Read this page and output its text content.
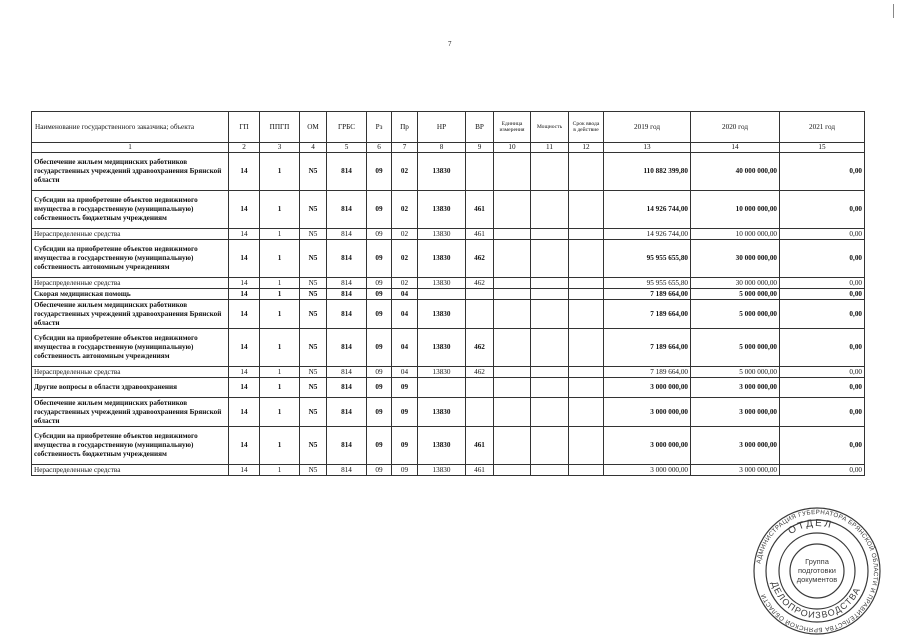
7
Наименование государственного заказчика; объекта	ГП	ППГП	ОМ	ГРБС	Рз	Пр	НР	ВР	Единица измерения	Мощность	Срок ввода в действие	2019 год	2020 год	2021 год
1	2	3	4	5	6	7	8	9	10	11	12	13	14	15
Обеспечение жильем медицинских работников государственных учреждений здравоохранения Брянской области	14	1	N5	814	09	02	13830					110 882 399,80	40 000 000,00	0,00
Субсидии на приобретение объектов недвижимого имущества в государственную (муниципальную) собственность бюджетным учреждениям	14	1	N5	814	09	02	13830	461				14 926 744,00	10 000 000,00	0,00
Нераспределенные средства	14	1	N5	814	09	02	13830	461				14 926 744,00	10 000 000,00	0,00
Субсидии на приобретение объектов недвижимого имущества в государственную (муниципальную) собственность автономным учреждениям	14	1	N5	814	09	02	13830	462				95 955 655,80	30 000 000,00	0,00
Нераспределенные средства	14	1	N5	814	09	02	13830	462				95 955 655,80	30 000 000,00	0,00
Скорая медицинская помощь	14	1	N5	814	09	04						7 189 664,00	5 000 000,00	0,00
Обеспечение жильем медицинских работников государственных учреждений здравоохранения Брянской области	14	1	N5	814	09	04	13830					7 189 664,00	5 000 000,00	0,00
Субсидии на приобретение объектов недвижимого имущества в государственную (муниципальную) собственность автономным учреждениям	14	1	N5	814	09	04	13830	462				7 189 664,00	5 000 000,00	0,00
Нераспределенные средства	14	1	N5	814	09	04	13830	462				7 189 664,00	5 000 000,00	0,00
Другие вопросы в области здравоохранения	14	1	N5	814	09	09						3 000 000,00	3 000 000,00	0,00
Обеспечение жильем медицинских работников государственных учреждений здравоохранения Брянской области	14	1	N5	814	09	09	13830					3 000 000,00	3 000 000,00	0,00
Субсидии на приобретение объектов недвижимого имущества в государственную (муниципальную) собственность бюджетным учреждениям	14	1	N5	814	09	09	13830	461				3 000 000,00	3 000 000,00	0,00
Нераспределенные средства	14	1	N5	814	09	09	13830	461				3 000 000,00	3 000 000,00	0,00
АДМИНИСТРАЦИЯ ГУБЕРНАТОРА БРЯНСКОЙ ОБЛАСТИ И ПРАВИТЕЛЬСТВА БРЯНСКОЙ ОБЛАСТИ
ОТДЕЛ
ДЕЛОПРОИЗВОДСТВА
Группа
подготовки
документов
